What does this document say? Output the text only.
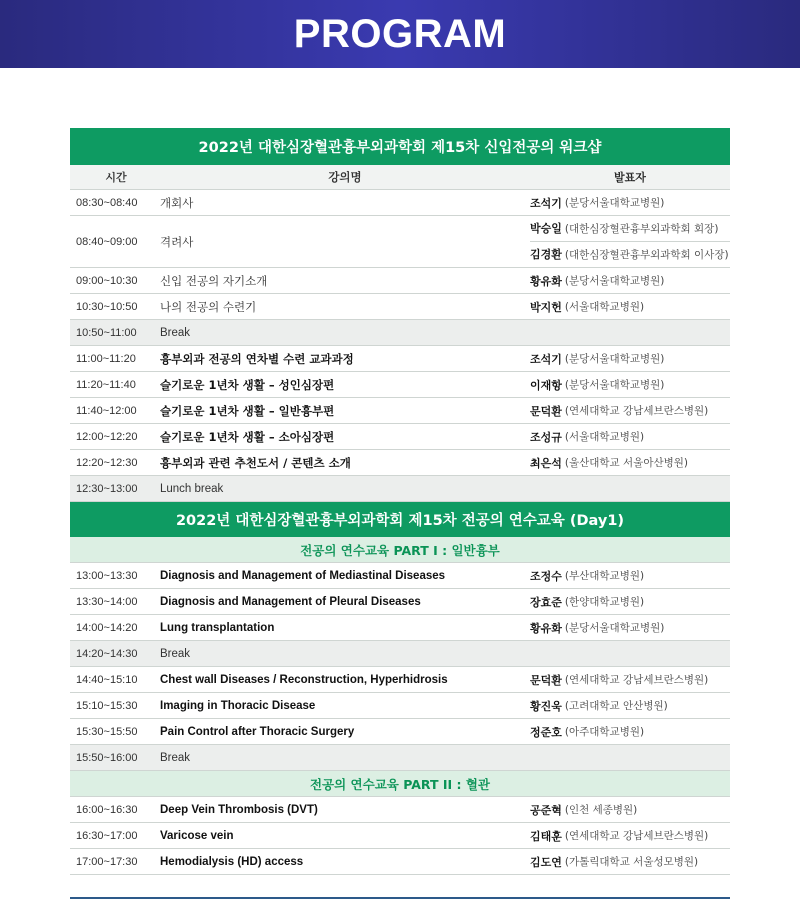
PROGRAM
2022년 대한심장혈관흉부외과학회 제15차 신입전공의 워크샵
시간	강의명	발표자
08:30~08:40	개회사	조석기 (분당서울대학교병원)
08:40~09:00	격려사
박승일 (대한심장혈관흉부외과학회 회장)
김경환 (대한심장혈관흉부외과학회 이사장)
09:00~10:30	신입 전공의 자기소개	황유화 (분당서울대학교병원)
10:30~10:50	나의 전공의 수련기	박지헌 (서울대학교병원)
10:50~11:00	Break
11:00~11:20	흉부외과 전공의 연차별 수련 교과과정	조석기 (분당서울대학교병원)
11:20~11:40	슬기로운 1년차 생활 – 성인심장편	이재항 (분당서울대학교병원)
11:40~12:00	슬기로운 1년차 생활 – 일반흉부편	문덕환 (연세대학교 강남세브란스병원)
12:00~12:20	슬기로운 1년차 생활 – 소아심장편	조성규 (서울대학교병원)
12:20~12:30	흉부외과 관련 추천도서 / 콘텐츠 소개	최은석 (울산대학교 서울아산병원)
12:30~13:00	Lunch break
2022년 대한심장혈관흉부외과학회 제15차 전공의 연수교육 (Day1)
전공의 연수교육 PART I : 일반흉부
13:00~13:30	Diagnosis and Management of Mediastinal Diseases	조정수 (부산대학교병원)
13:30~14:00	Diagnosis and Management of Pleural Diseases	장효준 (한양대학교병원)
14:00~14:20	Lung transplantation	황유화 (분당서울대학교병원)
14:20~14:30	Break
14:40~15:10	Chest wall Diseases / Reconstruction, Hyperhidrosis	문덕환 (연세대학교 강남세브란스병원)
15:10~15:30	Imaging in Thoracic Disease	황진욱 (고려대학교 안산병원)
15:30~15:50	Pain Control after Thoracic Surgery	정준호 (아주대학교병원)
15:50~16:00	Break
전공의 연수교육 PART II : 혈관
16:00~16:30	Deep Vein Thrombosis (DVT)	공준혁 (인천 세종병원)
16:30~17:00	Varicose vein	김태훈 (연세대학교 강남세브란스병원)
17:00~17:30	Hemodialysis (HD) access	김도연 (가톨릭대학교 서울성모병원)
